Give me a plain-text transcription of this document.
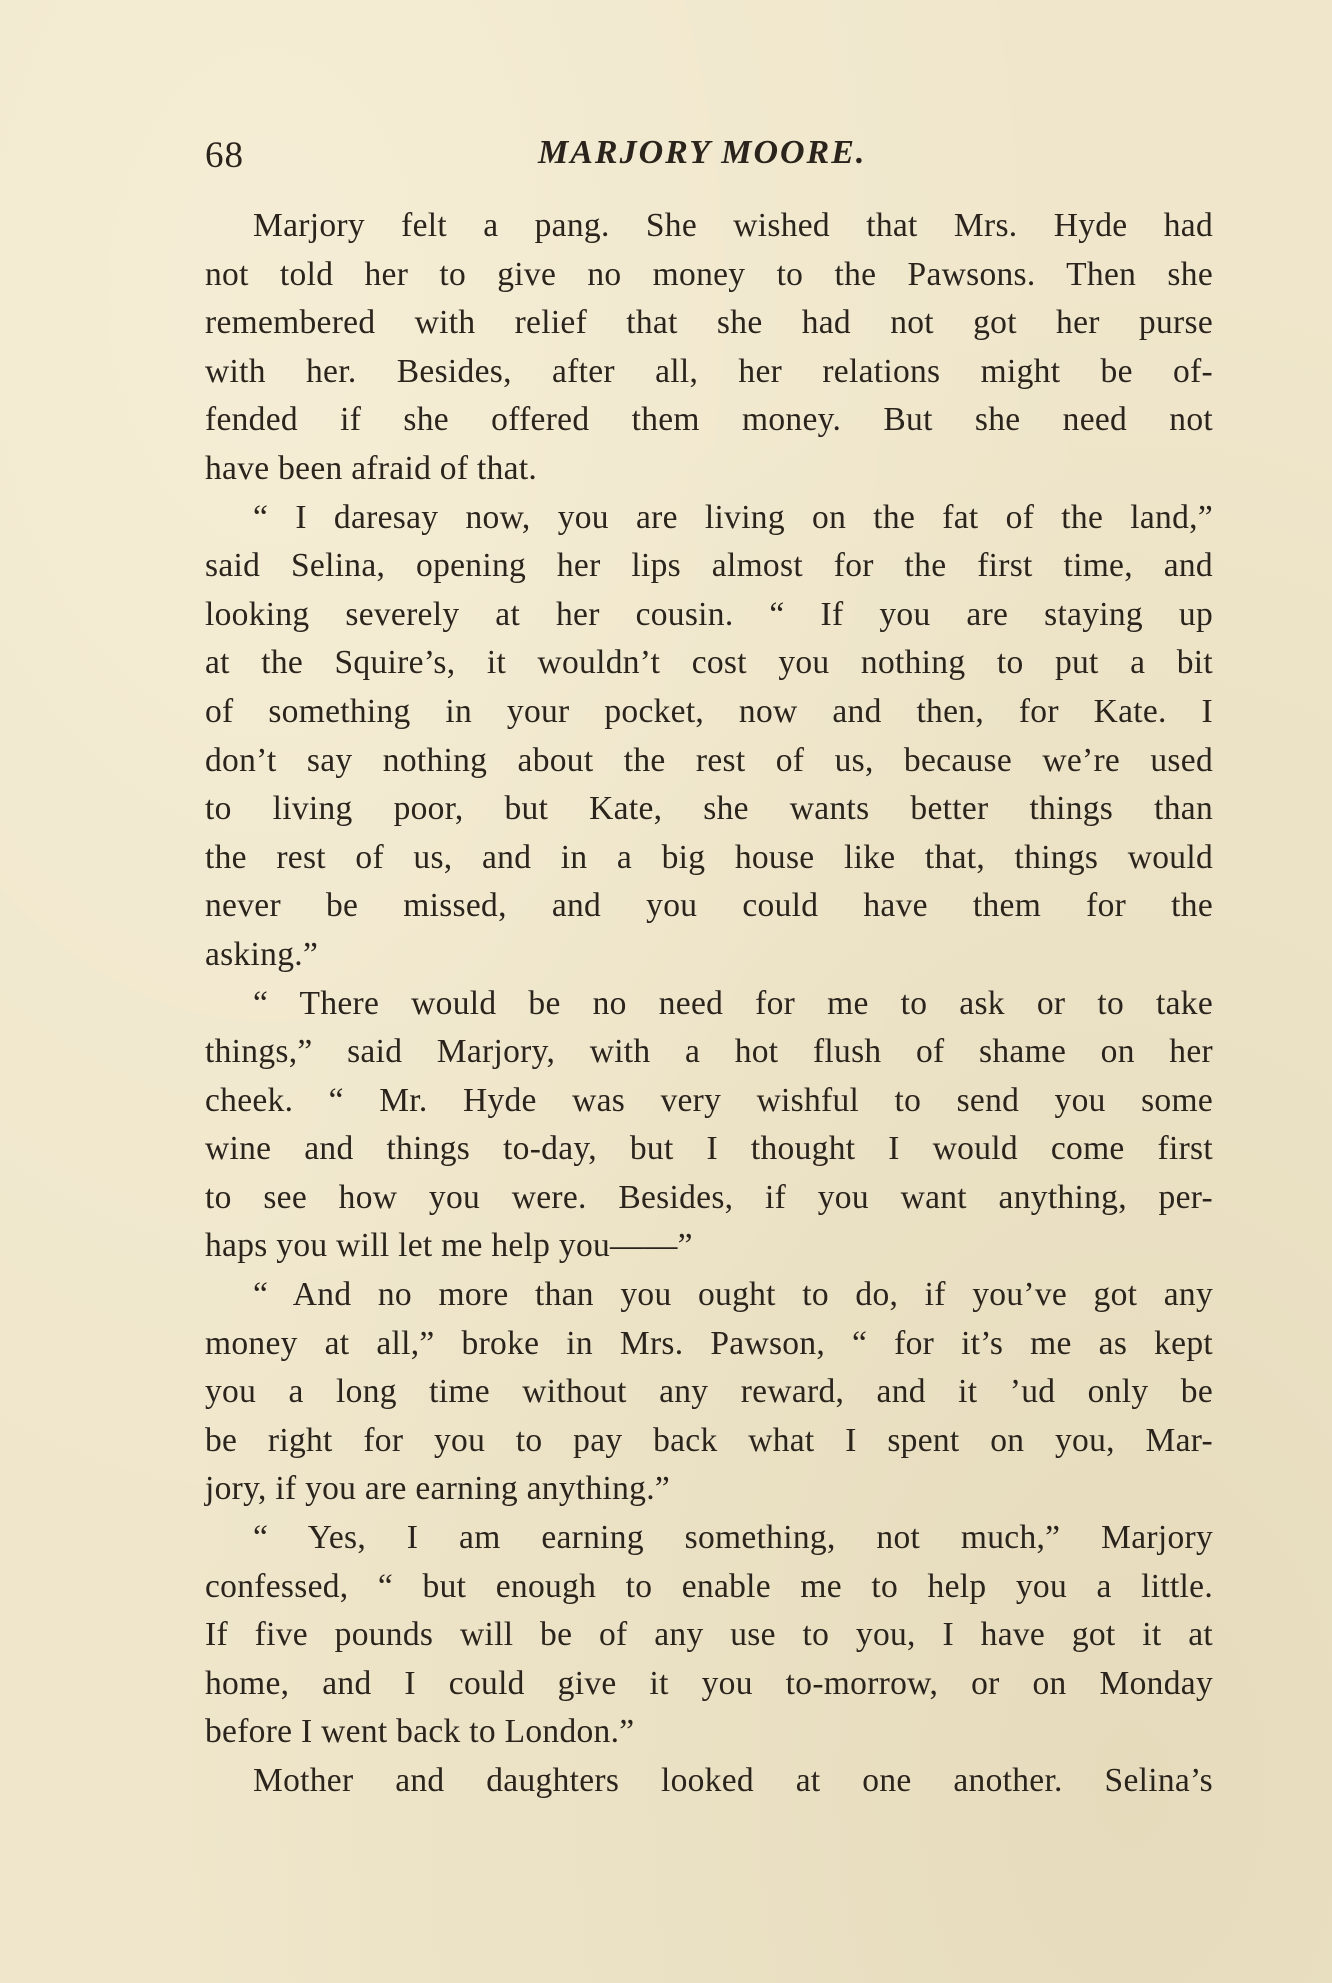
68	MARJORY MOORE.
Marjory felt a pang. She wished that Mrs. Hyde had
not told her to give no money to the Pawsons. Then she
remembered with relief that she had not got her purse
with her. Besides, after all, her relations might be of-
fended if she offered them money. But she need not
have been afraid of that.
“ I daresay now, you are living on the fat of the land,”
said Selina, opening her lips almost for the first time, and
looking severely at her cousin. “ If you are staying up
at the Squire’s, it wouldn’t cost you nothing to put a bit
of something in your pocket, now and then, for Kate. I
don’t say nothing about the rest of us, because we’re used
to living poor, but Kate, she wants better things than
the rest of us, and in a big house like that, things would
never be missed, and you could have them for the
asking.”
“ There would be no need for me to ask or to take
things,” said Marjory, with a hot flush of shame on her
cheek. “ Mr. Hyde was very wishful to send you some
wine and things to-day, but I thought I would come first
to see how you were. Besides, if you want anything, per-
haps you will let me help you——”
“ And no more than you ought to do, if you’ve got any
money at all,” broke in Mrs. Pawson, “ for it’s me as kept
you a long time without any reward, and it ’ud only be
be right for you to pay back what I spent on you, Mar-
jory, if you are earning anything.”
“ Yes, I am earning something, not much,” Marjory
confessed, “ but enough to enable me to help you a little.
If five pounds will be of any use to you, I have got it at
home, and I could give it you to-morrow, or on Monday
before I went back to London.”
Mother and daughters looked at one another. Selina’s
